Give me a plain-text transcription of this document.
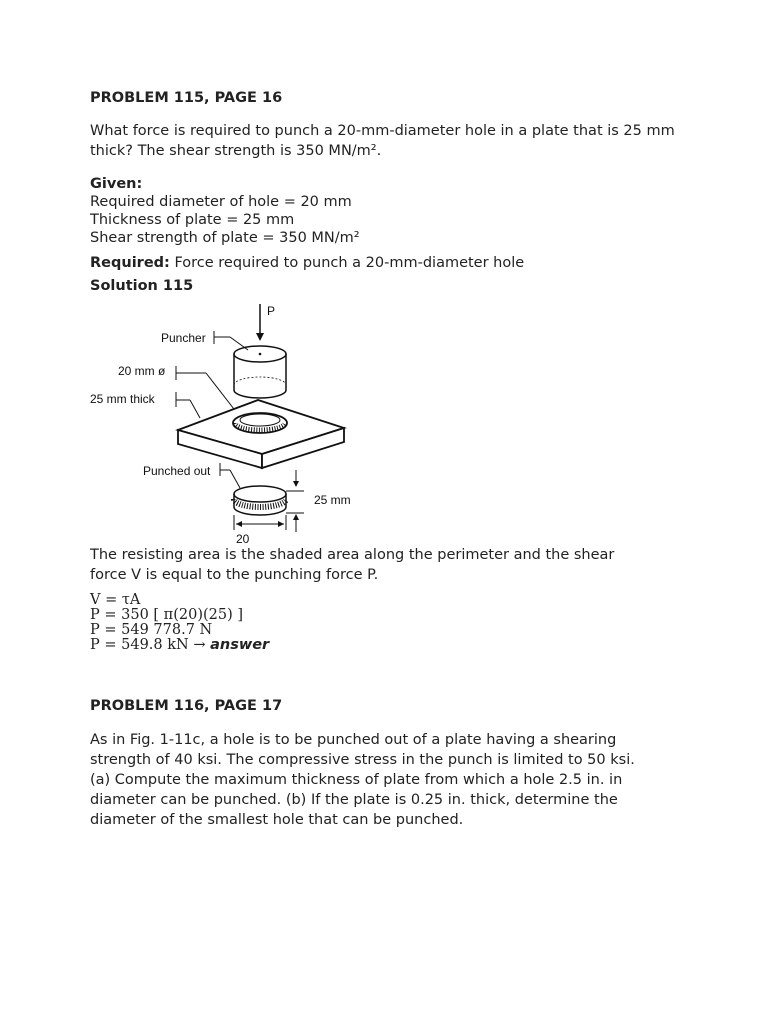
PROBLEM 115, PAGE 16

What force is required to punch a 20-mm-diameter hole in a plate that is 25 mm thick? The shear strength is 350 MN/m².

Given:

Required diameter of hole = 20 mm

Thickness of plate = 25 mm

Shear strength of plate = 350 MN/m²

Required: Force required to punch a 20-mm-diameter hole

Solution 115

P
Puncher
20 mm ø
25 mm thick
Punched out
25 mm
20

The resisting area is the shaded area along the perimeter and the shear force V is equal to the punching force P.

V = τA
P = 350 [ π(20)(25) ]
P = 549 778.7 N
P = 549.8 kN → answer

PROBLEM 116, PAGE 17

As in Fig. 1-11c, a hole is to be punched out of a plate having a shearing strength of 40 ksi. The compressive stress in the punch is limited to 50 ksi. (a) Compute the maximum thickness of plate from which a hole 2.5 in. in diameter can be punched. (b) If the plate is 0.25 in. thick, determine the diameter of the smallest hole that can be punched.
